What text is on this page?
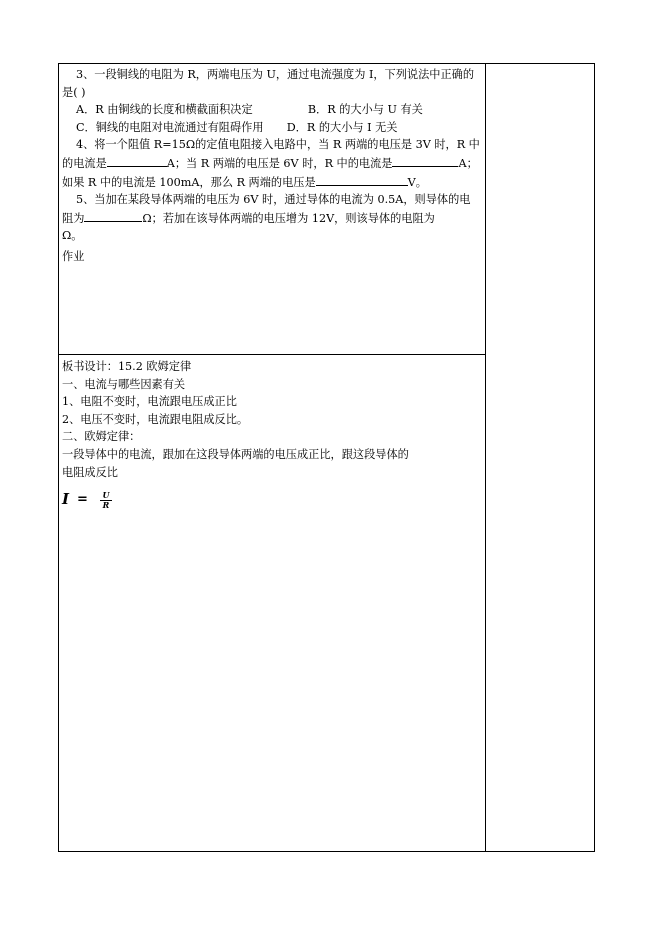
3、一段铜线的电阻为 R，两端电压为 U，通过电流强度为 I，下列说法中正确的

是( )

A．R 由铜线的长度和横截面积决定	B．R 的大小与 U 有关

C．铜线的电阻对电流通过有阻碍作用 D．R 的大小与 I 无关

4、将一个阻值 R=15Ω的定值电阻接入电路中，当 R 两端的电压是 3V 时，R 中

的电流是	A；当 R 两端的电压是 6V 时，R 中的电流是	A；

如果 R 中的电流是 100mA，那么 R 两端的电压是	V。

5、当加在某段导体两端的电压为 6V 时，通过导体的电流为 0.5A，则导体的电

阻为	Ω；若加在该导体两端的电压增为 12V，则该导体的电阻为

Ω。

作业

板书设计：15.2 欧姆定律

一、电流与哪些因素有关

1、电阻不变时，电流跟电压成正比

2、电压不变时，电流跟电阻成反比。

二、欧姆定律：

一段导体中的电流，跟加在这段导体两端的电压成正比，跟这段导体的

电阻成反比

$I = \frac{U}{R}$
